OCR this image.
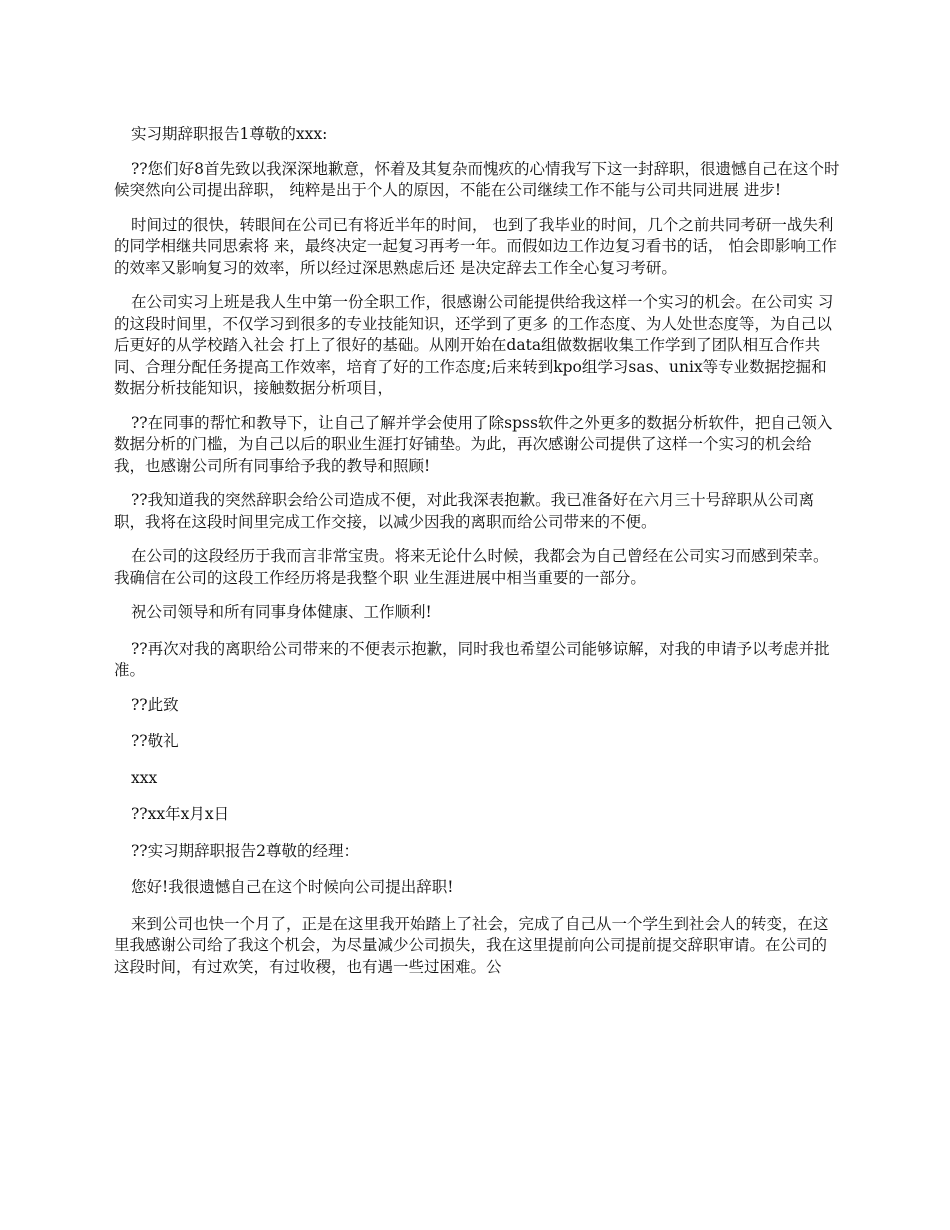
实习期辞职报告1尊敬的xxx:

??您们好8首先致以我深深地歉意，怀着及其复杂而愧疚的心情我写下这一封辞职，很遗憾自己在这个时候突然向公司提出辞职， 纯粹是出于个人的原因，不能在公司继续工作不能与公司共同进展 进步!

时间过的很快，转眼间在公司已有将近半年的时间， 也到了我毕业的时间，几个之前共同考研一战失利的同学相继共同思索将 来，最终决定一起复习再考一年。而假如边工作边复习看书的话， 怕会即影响工作的效率又影响复习的效率，所以经过深思熟虑后还 是决定辞去工作全心复习考研。

在公司实习上班是我人生中第一份全职工作，很感谢公司能提供给我这样一个实习的机会。在公司实 习的这段时间里，不仅学习到很多的专业技能知识，还学到了更多 的工作态度、为人处世态度等，为自己以后更好的从学校踏入社会 打上了很好的基础。从刚开始在data组做数据收集工作学到了团队相互合作共同、合理分配任务提高工作效率，培育了好的工作态度;后来转到kpo组学习sas、unix等专业数据挖掘和数据分析技能知识，接触数据分析项目，

??在同事的帮忙和教导下，让自己了解并学会使用了除spss软件之外更多的数据分析软件，把自己领入数据分析的门槛，为自己以后的职业生涯打好铺垫。为此，再次感谢公司提供了这样一个实习的机会给我，也感谢公司所有同事给予我的教导和照顾!

??我知道我的突然辞职会给公司造成不便，对此我深表抱歉。我已准备好在六月三十号辞职从公司离职，我将在这段时间里完成工作交接，以减少因我的离职而给公司带来的不便。

在公司的这段经历于我而言非常宝贵。将来无论什么时候，我都会为自己曾经在公司实习而感到荣幸。我确信在公司的这段工作经历将是我整个职 业生涯进展中相当重要的一部分。

祝公司领导和所有同事身体健康、工作顺利!

??再次对我的离职给公司带来的不便表示抱歉，同时我也希望公司能够谅解，对我的申请予以考虑并批准。

??此致

??敬礼

xxx

??xx年x月x日

??实习期辞职报告2尊敬的经理：

您好!我很遗憾自己在这个时候向公司提出辞职!

来到公司也快一个月了，正是在这里我开始踏上了社会，完成了自己从一个学生到社会人的转变，在这里我感谢公司给了我这个机会，为尽量减少公司损失，我在这里提前向公司提前提交辞职审请。在公司的这段时间，有过欢笑，有过收稷，也有遇一些过困难。公
